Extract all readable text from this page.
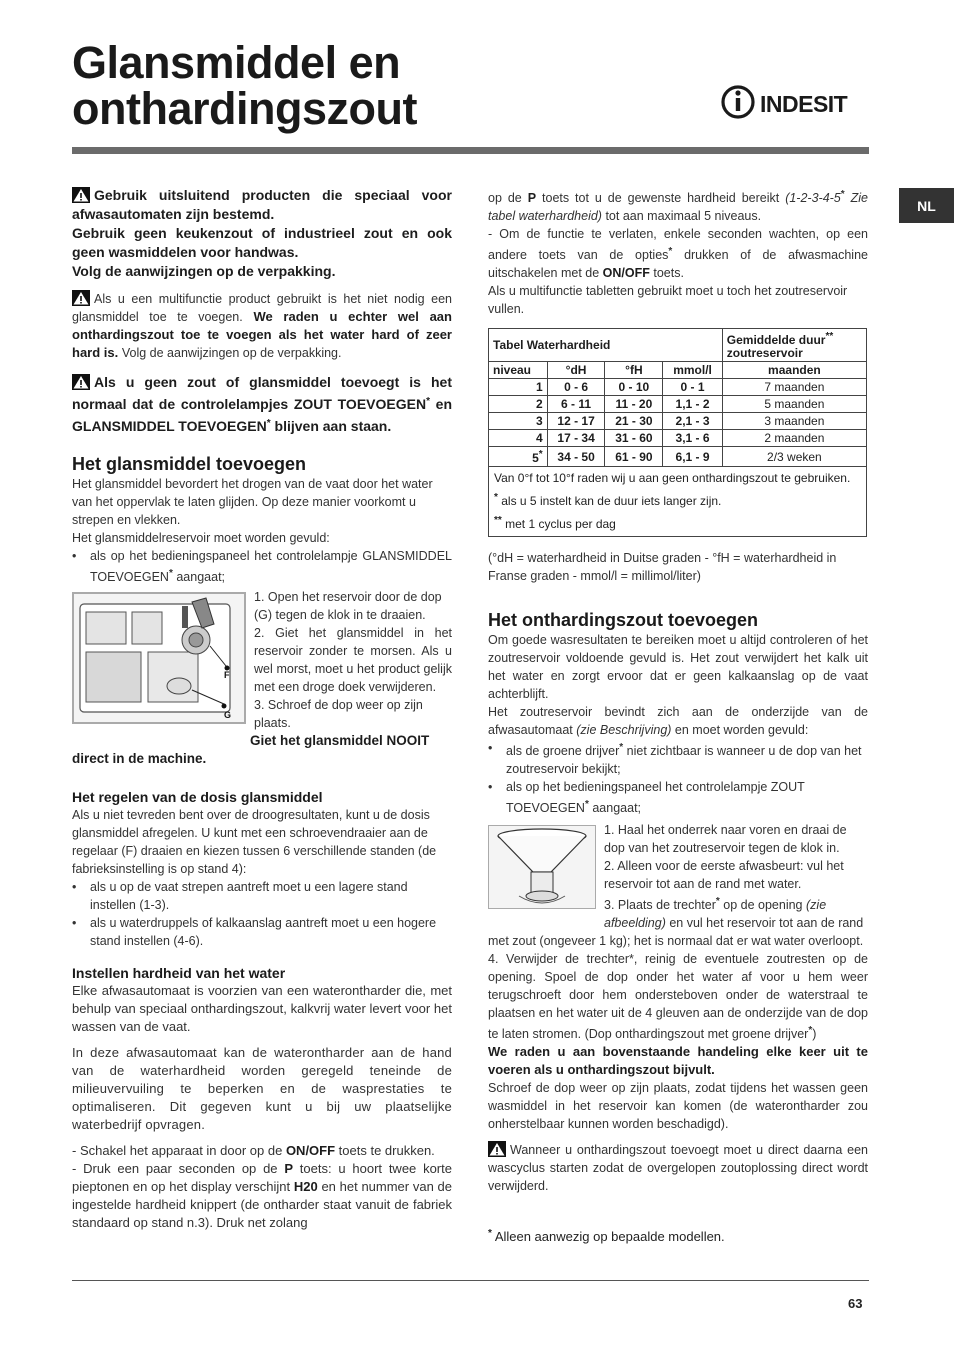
Glansmiddel en
onthardingszout	INDESIT
NL

Gebruik uitsluitend producten die speciaal voor afwasautomaten zijn bestemd.

Gebruik geen keukenzout of industrieel zout en ook geen wasmiddelen voor handwas.

Volg de aanwijzingen op de verpakking.

Als u een multifunctie product gebruikt is het niet nodig een glansmiddel toe te voegen. We raden u echter wel aan onthardingszout toe te voegen als het water hard of zeer hard is. Volg de aanwijzingen op de verpakking.

Als u geen zout of glansmiddel toevoegt is het normaal dat de controlelampjes ZOUT TOEVOEGEN* en GLANSMIDDEL TOEVOEGEN* blijven aan staan.

Het glansmiddel toevoegen

Het glansmiddel bevordert het drogen van de vaat door het water van het oppervlak te laten glijden. Op deze manier voorkomt u strepen en vlekken.

Het glansmiddelreservoir moet worden gevuld:

• als op het bedieningspaneel het controlelampje GLANSMIDDEL TOEVOEGEN* aangaat;

F
G

1. Open het reservoir door de dop (G) tegen de klok in te draaien.

2. Giet het glansmiddel in het reservoir zonder te morsen. Als u wel morst, moet u het product gelijk met een droge doek verwijderen.

3. Schroef de dop weer op zijn plaats.

Giet het glansmiddel NOOIT direct in de machine.

Het regelen van de dosis glansmiddel

Als u niet tevreden bent over de droogresultaten, kunt u de dosis glansmiddel afregelen. U kunt met een schroevendraaier aan de regelaar (F) draaien en kiezen tussen 6 verschillende standen (de fabrieksinstelling is op stand 4):

• als u op de vaat strepen aantreft moet u een lagere stand instellen (1-3).

• als u waterdruppels of kalkaanslag aantreft moet u een hogere stand instellen (4-6).

Instellen hardheid van het water

Elke afwasautomaat is voorzien van een waterontharder die, met behulp van speciaal onthardingszout, kalkvrij water levert voor het wassen van de vaat.

In deze afwasautomaat kan de waterontharder aan de hand van de waterhardheid worden geregeld teneinde de milieuvervuiling te beperken en de wasprestaties te optimaliseren. Dit gegeven kunt u bij uw plaatselijke waterbedrijf opvragen.

- Schakel het apparaat in door op de ON/OFF toets te drukken.

- Druk een paar seconden op de P toets: u hoort twee korte pieptonen en op het display verschijnt H20 en het nummer van de ingestelde hardheid knippert (de ontharder staat vanuit de fabriek standaard op stand n.3). Druk net zolang

op de P toets tot u de gewenste hardheid bereikt (1-2-3-4-5* Zie tabel waterhardheid) tot aan maximaal 5 niveaus.

- Om de functie te verlaten, enkele seconden wachten, op een andere toets van de opties* drukken of de afwasmachine uitschakelen met de ON/OFF toets.

Als u multifunctie tabletten gebruikt moet u toch het zoutreservoir vullen.

Tabel Waterhardheid				Gemiddelde duur**
zoutreservoir
niveau	°dH	°fH	mmol/l	maanden
1	0 - 6	0 - 10	0 - 1	7 maanden
2	6 - 11	11 - 20	1,1 - 2	5 maanden
3	12 - 17	21 - 30	2,1 - 3	3 maanden
4	17 - 34	31 - 60	3,1 - 6	2 maanden
5*	34 - 50	61 - 90	6,1 - 9	2/3 weken

Van 0°f tot 10°f raden wij u aan geen onthardingszout te gebruiken.
* als u 5 instelt kan de duur iets langer zijn.
** met 1 cyclus per dag				

(°dH = waterhardheid in Duitse graden - °fH = waterhardheid in Franse graden - mmol/l = millimol/liter)

Het onthardingszout toevoegen

Om goede wasresultaten te bereiken moet u altijd controleren of het zoutreservoir voldoende gevuld is. Het zout verwijdert het kalk uit het water en zorgt ervoor dat er geen kalkaanslag op de vaat achterblijft.

Het zoutreservoir bevindt zich aan de onderzijde van de afwasautomaat (zie Beschrijving) en moet worden gevuld:

• als de groene drijver* niet zichtbaar is wanneer u de dop van het zoutreservoir bekijkt;

• als op het bedieningspaneel het controlelampje ZOUT TOEVOEGEN* aangaat;

1. Haal het onderrek naar voren en draai de dop van het zoutreservoir tegen de klok in.

2. Alleen voor de eerste afwasbeurt: vul het reservoir tot aan de rand met water.

3. Plaats de trechter* op de opening (zie afbeelding) en vul het reservoir tot aan de rand met zout (ongeveer 1 kg); het is normaal dat er wat water overloopt.

4. Verwijder de trechter*, reinig de eventuele zoutresten op de opening. Spoel de dop onder het water af voor u hem weer terugschroeft door hem ondersteboven onder de waterstraal te plaatsen en het water uit de 4 gleuven aan de onderzijde van de dop te laten stromen. (Dop onthardingszout met groene drijver*)

We raden u aan bovenstaande handeling elke keer uit te voeren als u onthardingszout bijvult.

Schroef de dop weer op zijn plaats, zodat tijdens het wassen geen wasmiddel in het reservoir kan komen (de waterontharder zou onherstelbaar kunnen worden beschadigd).

Wanneer u onthardingszout toevoegt moet u direct daarna een wascyclus starten zodat de overgelopen zoutoplossing direct wordt verwijderd.

* Alleen aanwezig op bepaalde modellen.

63
